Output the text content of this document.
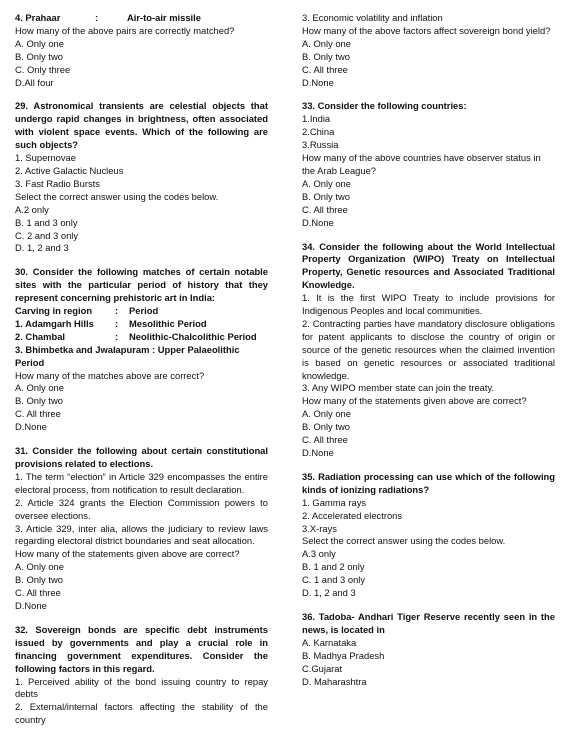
4. Prahaar	:	Air-to-air missile

How many of the above pairs are correctly matched?

A. Only one

B. Only two

C. Only three

D.All four

29. Astronomical transients are celestial objects that undergo rapid changes in brightness, often associated with violent space events. Which of the following are such objects?

1. Supernovae

2. Active Galactic Nucleus

3. Fast Radio Bursts

Select the correct answer using the codes below.

A.2 only

B. 1 and 3 only

C. 2 and 3 only

D. 1, 2 and 3

30. Consider the following matches of certain notable sites with the particular period of history that they represent concerning prehistoric art in India:

Carving in region	:	Period
1. Adamgarh Hills	:	Mesolithic Period
2. Chambal	:	Neolithic-Chalcolithic Period

3. Bhimbetka and Jwalapuram : Upper Palaeolithic Period

How many of the matches above are correct?

A. Only one

B. Only two

C. All three

D.None

31. Consider the following about certain constitutional provisions related to elections.

1. The term “election” in Article 329 encompasses the entire electoral process, from notification to result declaration.

2. Article 324 grants the Election Commission powers to oversee elections.

3. Article 329, inter alia, allows the judiciary to review laws regarding electoral district boundaries and seat allocation.

How many of the statements given above are correct?

A. Only one

B. Only two

C. All three

D.None

32. Sovereign bonds are specific debt instruments issued by governments and play a crucial role in financing government expenditures. Consider the following factors in this regard.

1. Perceived ability of the bond issuing country to repay debts

2. External/internal factors affecting the stability of the country

3. Economic volatility and inflation

How many of the above factors affect sovereign bond yield?

A. Only one

B. Only two

C. All three

D.None

33. Consider the following countries:

1.India

2.China

3.Russia

How many of the above countries have observer status in the Arab League?

A. Only one

B. Only two

C. All three

D.None

34. Consider the following about the World Intellectual Property Organization (WIPO) Treaty on Intellectual Property, Genetic resources and Associated Traditional Knowledge.

1. It is the first WIPO Treaty to include provisions for Indigenous Peoples and local communities.

2. Contracting parties have mandatory disclosure obligations for patent applicants to disclose the country of origin or source of the genetic resources when the claimed invention is based on genetic resources or associated traditional knowledge.

3. Any WIPO member state can join the treaty.

How many of the statements given above are correct?

A. Only one

B. Only two

C. All three

D.None

35. Radiation processing can use which of the following kinds of ionizing radiations?

1. Gamma rays

2. Accelerated electrons

3.X-rays

Select the correct answer using the codes below.

A.3 only

B. 1 and 2 only

C. 1 and 3 only

D. 1, 2 and 3

36. Tadoba- Andhari Tiger Reserve recently seen in the news, is located in

A. Karnataka

B. Madhya Pradesh

C.Gujarat

D. Maharashtra
